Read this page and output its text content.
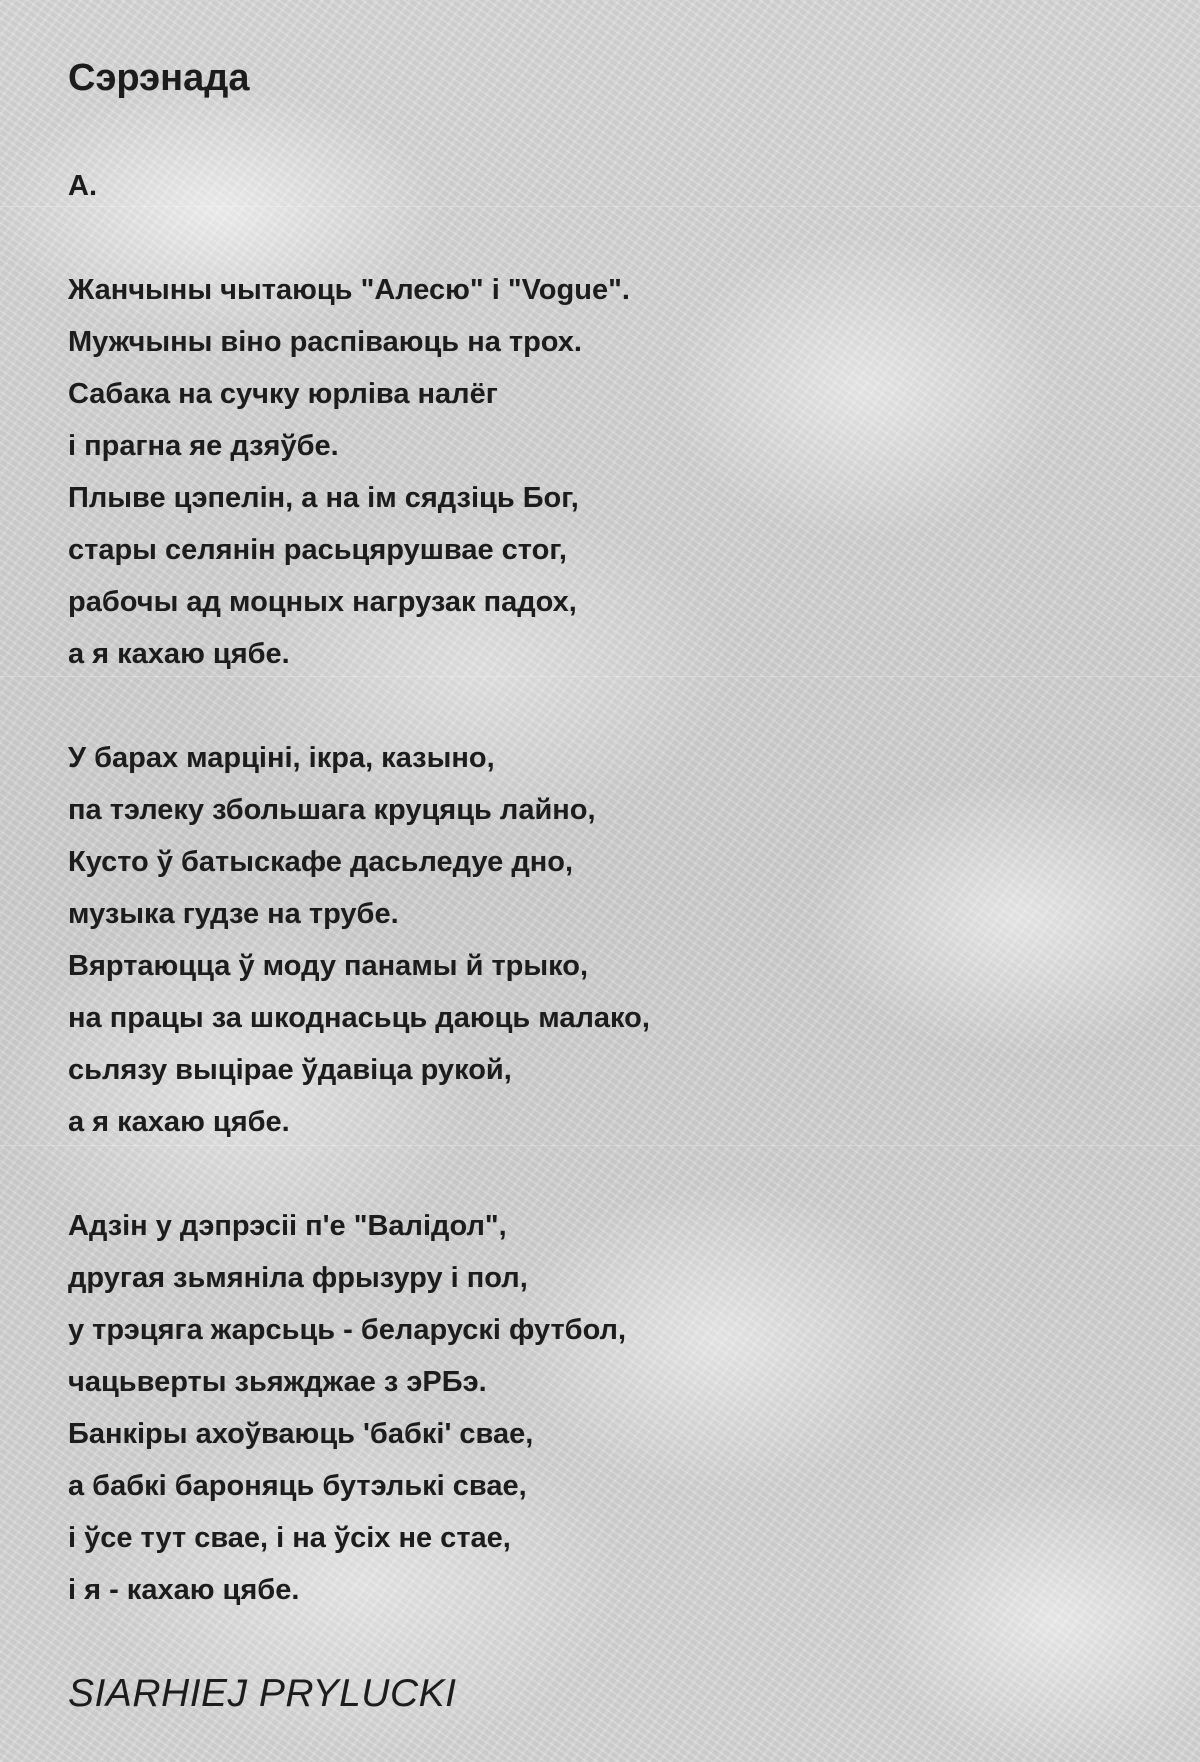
Сэрэнада
А.
Жанчыны чытаюць "Алесю" і "Vogue".
Мужчыны віно распіваюць на трох.
Сабака на сучку юрліва налёг
і прагна яе дзяўбе.
Плыве цэпелін, а на ім сядзіць Бог,
стары селянін расьцярушвае стог,
рабочы ад моцных нагрузак падох,
а я кахаю цябе.
У барах марціні, ікра, казыно,
па тэлеку збольшага круцяць лайно,
Кусто ў батыскафе дасьледуе дно,
музыка гудзе на трубе.
Вяртаюцца ў моду панамы й трыко,
на працы за шкоднасьць даюць малако,
сьлязу выцірае ўдавіца рукой,
а я кахаю цябе.
Адзін у дэпрэсіі п'е "Валідол",
другая зьмяніла фрызуру і пол,
у трэцяга жарсьць - беларускі футбол,
чацьверты зьяжджае з эРБэ.
Банкіры ахоўваюць 'бабкі' свае,
а бабкі бароняць бутэлькі свае,
і ўсе тут свае, і на ўсіх не стае,
і я - кахаю цябе.
SIARHIEJ PRYLUCKI
